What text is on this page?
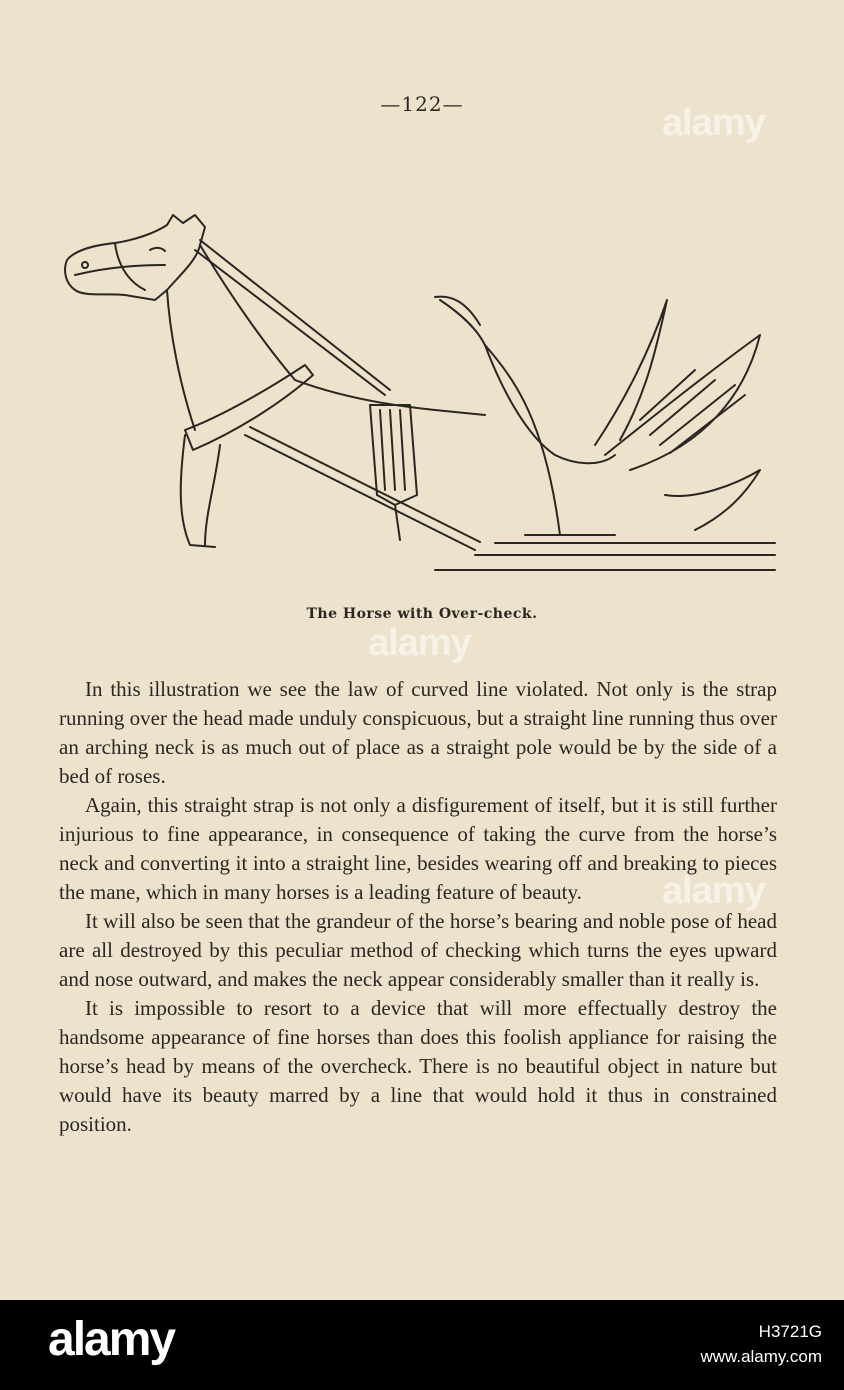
—122—
The Horse with Over-check.

In this illustration we see the law of curved line violated. Not only is the strap running over the head made unduly conspicuous, but a straight line running thus over an arching neck is as much out of place as a straight pole would be by the side of a bed of roses.

Again, this straight strap is not only a disfigurement of itself, but it is still further injurious to fine appearance, in consequence of taking the curve from the horse’s neck and converting it into a straight line, besides wearing off and breaking to pieces the mane, which in many horses is a leading feature of beauty.

It will also be seen that the grandeur of the horse’s bearing and noble pose of head are all destroyed by this peculiar method of checking which turns the eyes upward and nose outward, and makes the neck appear considerably smaller than it really is.

It is impossible to resort to a device that will more effectually destroy the handsome appearance of fine horses than does this foolish appliance for raising the horse’s head by means of the overcheck. There is no beautiful object in nature but would have its beauty marred by a line that would hold it thus in constrained position.

alamy
alamy
alamy
alamy	H3721G
www.alamy.com
